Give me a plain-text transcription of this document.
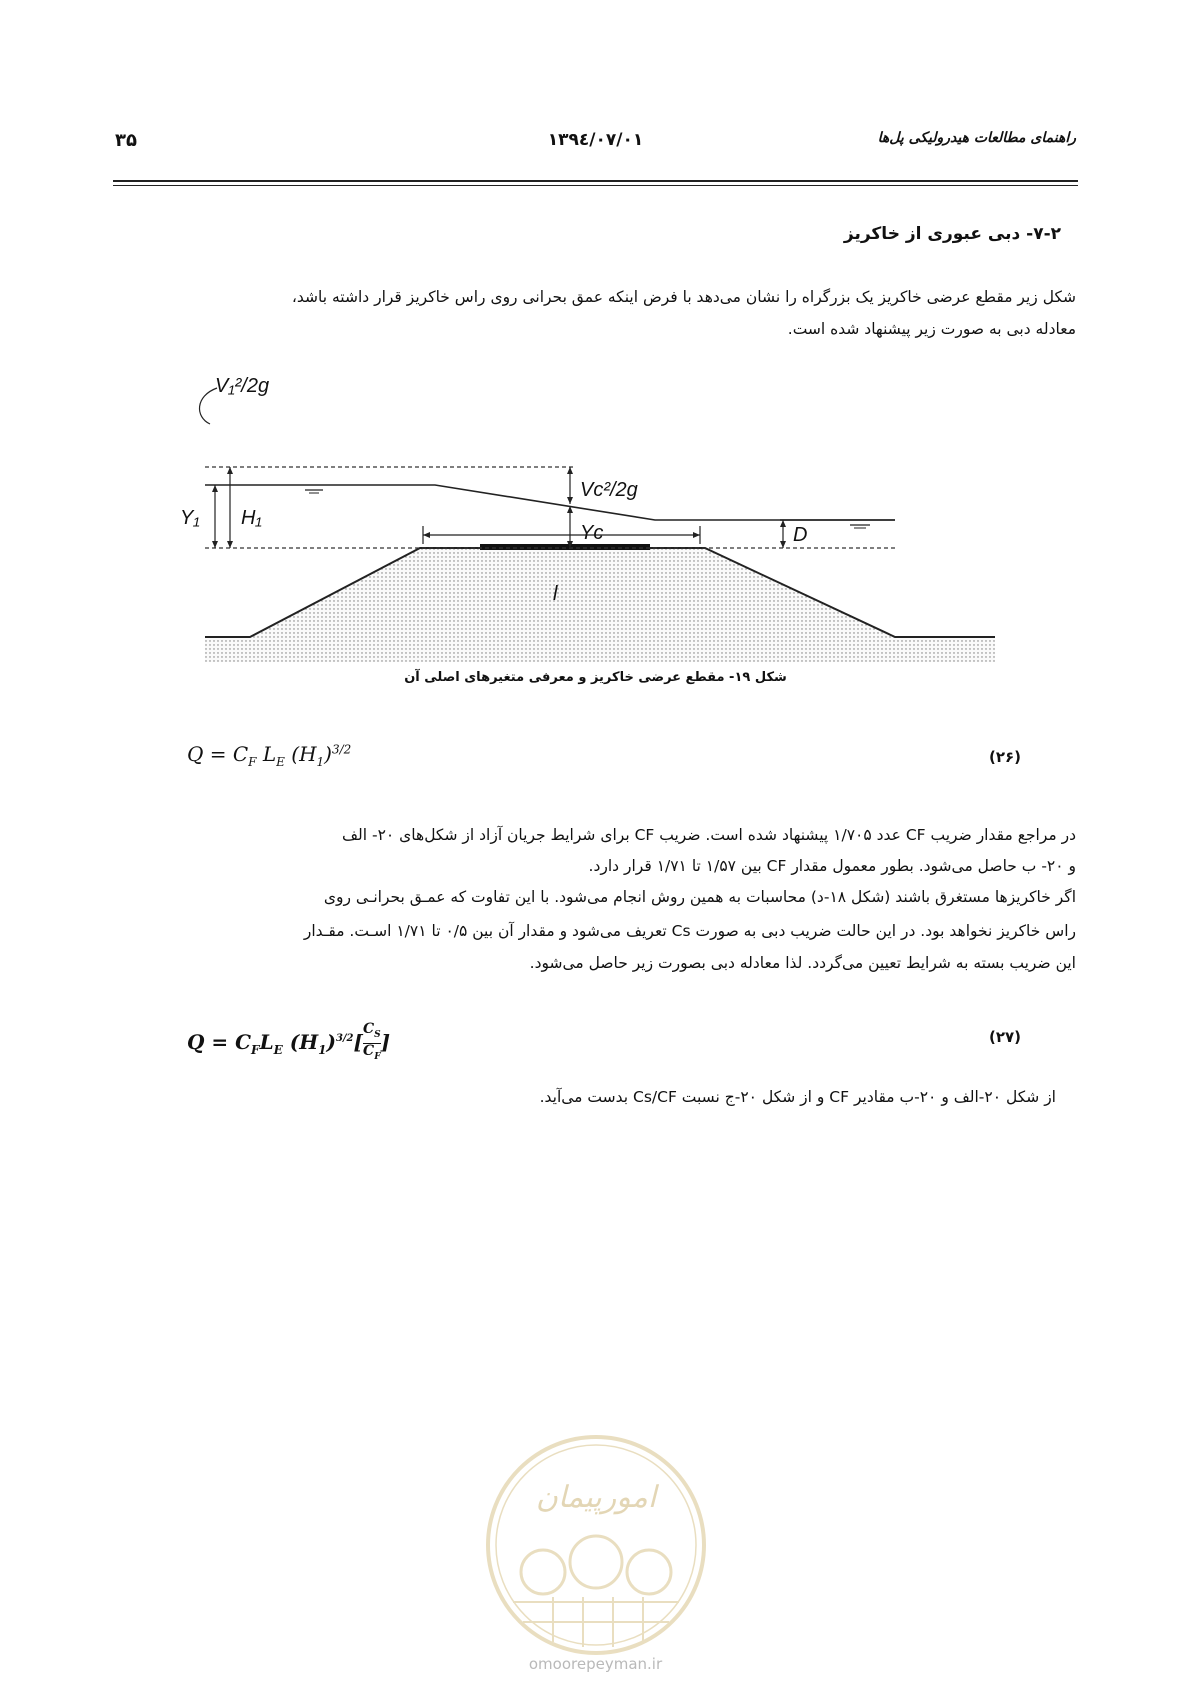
راهنمای مطالعات هیدرولیکی پل‌ها
۱۳۹٤/۰۷/۰۱
۳۵
۷-۲- دبی عبوری از خاکریز
شکل زیر مقطع عرضی خاکریز یک بزرگراه را نشان می‌دهد با فرض اینکه عمق بحرانی روی راس خاکریز قرار داشته باشد،
معادله دبی به صورت زیر پیشنهاد شده است.
V₁²/2g
Y₁ H₁
Vc²/2g
Yc	D
l
شکل ۱۹- مقطع عرضی خاکریز و معرفی متغیرهای اصلی آن
$Q = C_F$ $L_E$ $(H_1)^{3/2}$	(۲۶)
در مراجع مقدار ضریب CF عدد ۱/۷۰۵ پیشنهاد شده است. ضریب CF برای شرایط جریان آزاد از شکل‌های ۲۰- الف
و ۲۰- ب حاصل می‌شود. بطور معمول مقدار CF بین ۱/۵۷ تا ۱/۷۱ قرار دارد.
اگر خاکریزها مستغرق باشند (شکل ۱۸-د) محاسبات به همین روش انجام می‌شود. با این تفاوت که عمـق بحرانـی روی
راس خاکریز نخواهد بود. در این حالت ضریب دبی به صورت Cs تعریف می‌شود و مقدار آن بین ۰/۵ تا ۱/۷۱ اسـت. مقـدار
این ضریب بسته به شرایط تعیین می‌گردد. لذا معادله دبی بصورت زیر حاصل می‌شود.
$Q = C_FL_E$ $(H_1)^{3/2}[ \frac{C_S}{C_F}$ ]	(۲۷)
از شکل ۲۰-الف و ۲۰-ب مقادیر CF و از شکل ۲۰-ج نسبت Cs/CF بدست می‌آید.
امورپیمان
omoorepeyman.ir
